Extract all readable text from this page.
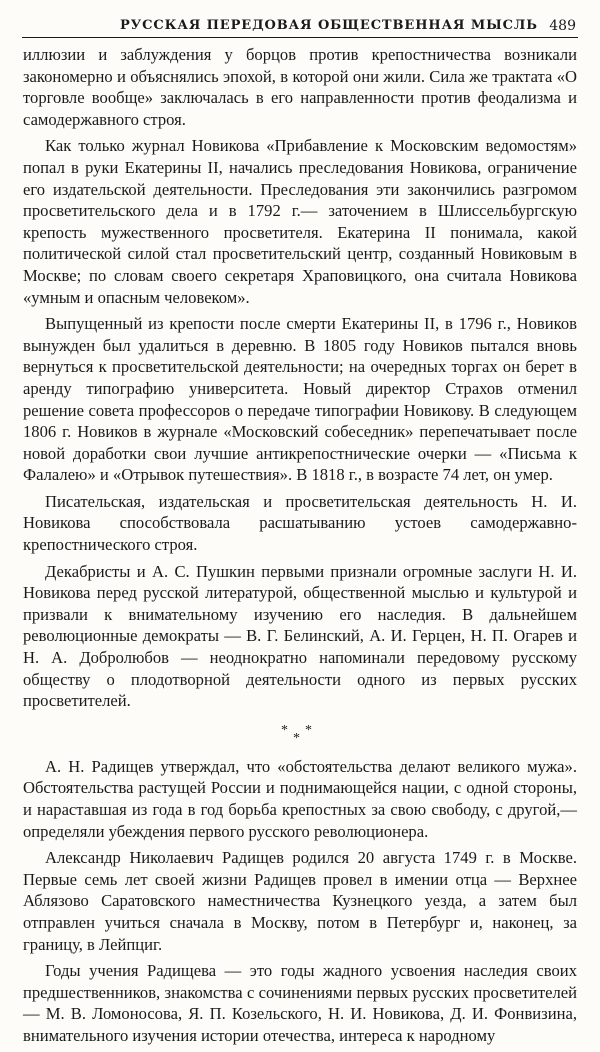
РУССКАЯ ПЕРЕДОВАЯ ОБЩЕСТВЕННАЯ МЫСЛЬ 489

иллюзии и заблуждения у борцов против крепостничества возникали закономерно и объяснялись эпохой, в которой они жили. Сила же трактата «О торговле вообще» заключалась в его направленности против феодализма и самодержавного строя.

Как только журнал Новикова «Прибавление к Московским ведомостям» попал в руки Екатерины II, начались преследования Новикова, ограничение его издательской деятельности. Преследования эти закончились разгромом просветительского дела и в 1792 г.— заточением в Шлиссельбургскую крепость мужественного просветителя. Екатерина II понимала, какой политической силой стал просветительский центр, созданный Новиковым в Москве; по словам своего секретаря Храповицкого, она считала Новикова «умным и опасным человеком».

Выпущенный из крепости после смерти Екатерины II, в 1796 г., Новиков вынужден был удалиться в деревню. В 1805 году Новиков пытался вновь вернуться к просветительской деятельности; на очередных торгах он берет в аренду типографию университета. Новый директор Страхов отменил решение совета профессоров о передаче типографии Новикову. В следующем 1806 г. Новиков в журнале «Московский собеседник» перепечатывает после новой доработки свои лучшие антикрепостнические очерки — «Письма к Фалалею» и «Отрывок путешествия». В 1818 г., в возрасте 74 лет, он умер.

Писательская, издательская и просветительская деятельность Н. И. Новикова способствовала расшатыванию устоев самодержавно-крепостнического строя.

Декабристы и А. С. Пушкин первыми признали огромные заслуги Н. И. Новикова перед русской литературой, общественной мыслью и культурой и призвали к внимательному изучению его наследия. В дальнейшем революционные демократы — В. Г. Белинский, А. И. Герцен, Н. П. Огарев и Н. А. Добролюбов — неоднократно напоминали передовому русскому обществу о плодотворной деятельности одного из первых русских просветителей.

*
*
*

А. Н. Радищев утверждал, что «обстоятельства делают великого мужа». Обстоятельства растущей России и поднимающейся нации, с одной стороны, и нараставшая из года в год борьба крепостных за свою свободу, с другой,— определяли убеждения первого русского революционера.

Александр Николаевич Радищев родился 20 августа 1749 г. в Москве. Первые семь лет своей жизни Радищев провел в имении отца — Верхнее Аблязово Саратовского наместничества Кузнецкого уезда, а затем был отправлен учиться сначала в Москву, потом в Петербург и, наконец, за границу, в Лейпциг.

Годы учения Радищева — это годы жадного усвоения наследия своих предшественников, знакомства с сочинениями первых русских просветителей — М. В. Ломоносова, Я. П. Козельского, Н. И. Новикова, Д. И. Фонвизина, внимательного изучения истории отечества, интереса к народному
